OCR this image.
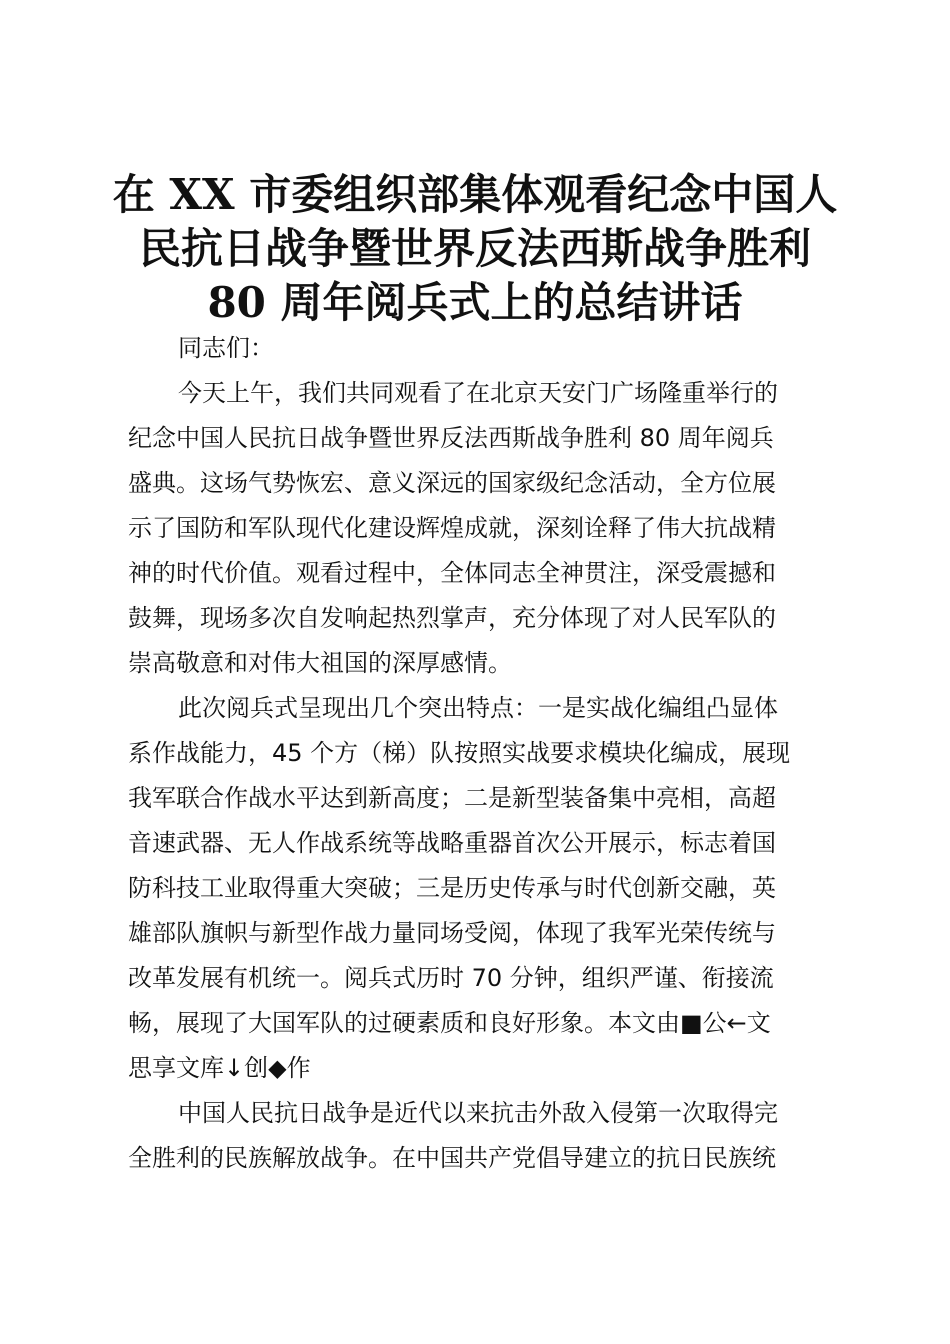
在 XX 市委组织部集体观看纪念中国人
民抗日战争暨世界反法西斯战争胜利
80 周年阅兵式上的总结讲话
同志们：
今天上午，我们共同观看了在北京天安门广场隆重举行的
纪念中国人民抗日战争暨世界反法西斯战争胜利 80 周年阅兵
盛典。这场气势恢宏、意义深远的国家级纪念活动，全方位展
示了国防和军队现代化建设辉煌成就，深刻诠释了伟大抗战精
神的时代价值。观看过程中，全体同志全神贯注，深受震撼和
鼓舞，现场多次自发响起热烈掌声，充分体现了对人民军队的
崇高敬意和对伟大祖国的深厚感情。
此次阅兵式呈现出几个突出特点：一是实战化编组凸显体
系作战能力，45 个方（梯）队按照实战要求模块化编成，展现
我军联合作战水平达到新高度；二是新型装备集中亮相，高超
音速武器、无人作战系统等战略重器首次公开展示，标志着国
防科技工业取得重大突破；三是历史传承与时代创新交融，英
雄部队旗帜与新型作战力量同场受阅，体现了我军光荣传统与
改革发展有机统一。阅兵式历时 70 分钟，组织严谨、衔接流
畅，展现了大国军队的过硬素质和良好形象。本文由■公←文
思享文库↓创◆作
中国人民抗日战争是近代以来抗击外敌入侵第一次取得完
全胜利的民族解放战争。在中国共产党倡导建立的抗日民族统
